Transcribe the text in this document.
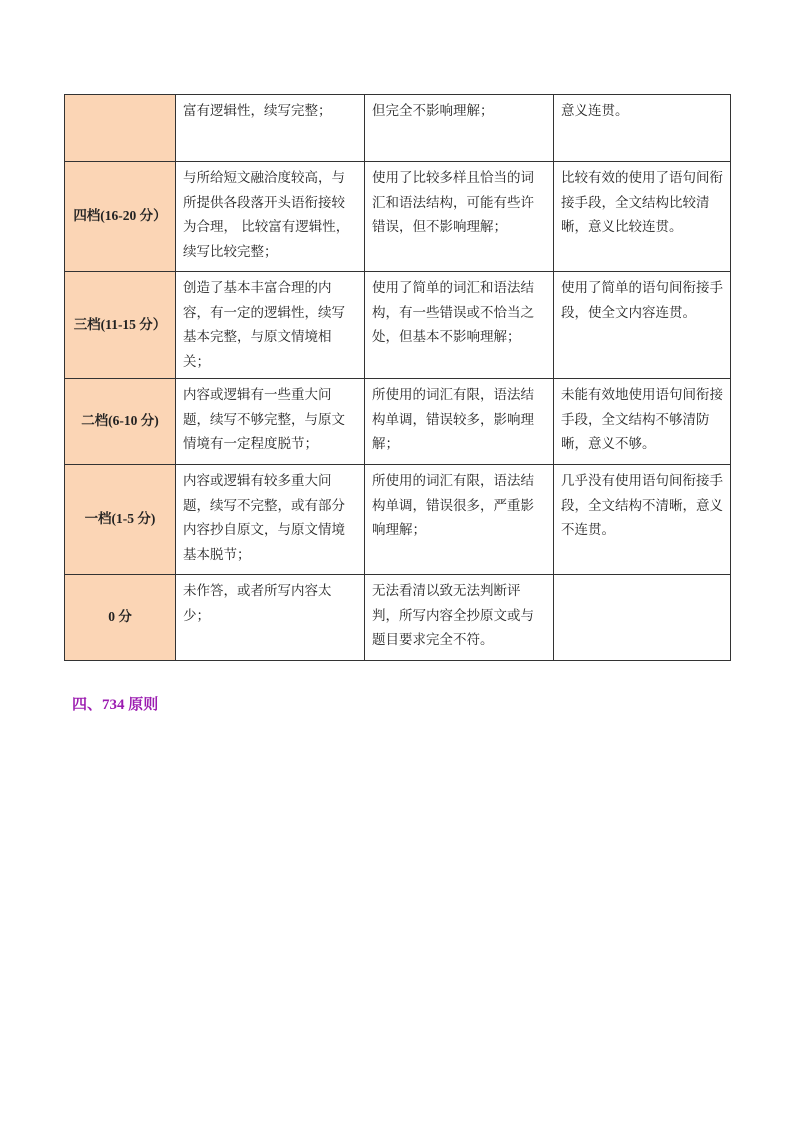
	富有逻辑性，续写完整；	但完全不影响理解；	意义连贯。
四档(16-20 分）	与所给短文融洽度较高，与所提供各段落开头语衔接较为合理， 比较富有逻辑性，续写比较完整；	使用了比较多样且恰当的词汇和语法结构，可能有些许错误，但不影响理解；	比较有效的使用了语句间衔接手段，全文结构比较清晰，意义比较连贯。
三档(11-15 分）	创造了基本丰富合理的内容，有一定的逻辑性，续写基本完整，与原文情境相关；	使用了简单的词汇和语法结构，有一些错误或不恰当之处，但基本不影响理解；	使用了简单的语句间衔接手段，使全文内容连贯。
二档(6-10 分)	内容或逻辑有一些重大问题，续写不够完整，与原文情境有一定程度脱节；	所使用的词汇有限，语法结构单调，错误较多，影响理解；	未能有效地使用语句间衔接手段，全文结构不够清防晰，意义不够。
一档(1-5 分)	内容或逻辑有较多重大问题，续写不完整，或有部分内容抄自原文，与原文情境基本脱节；	所使用的词汇有限，语法结构单调，错误很多，严重影响理解；	几乎没有使用语句间衔接手段，全文结构不清晰，意义不连贯。
0 分	未作答，或者所写内容太少；	无法看清以致无法判断评判，所写内容全抄原文或与题目要求完全不符。	
四、734 原则
